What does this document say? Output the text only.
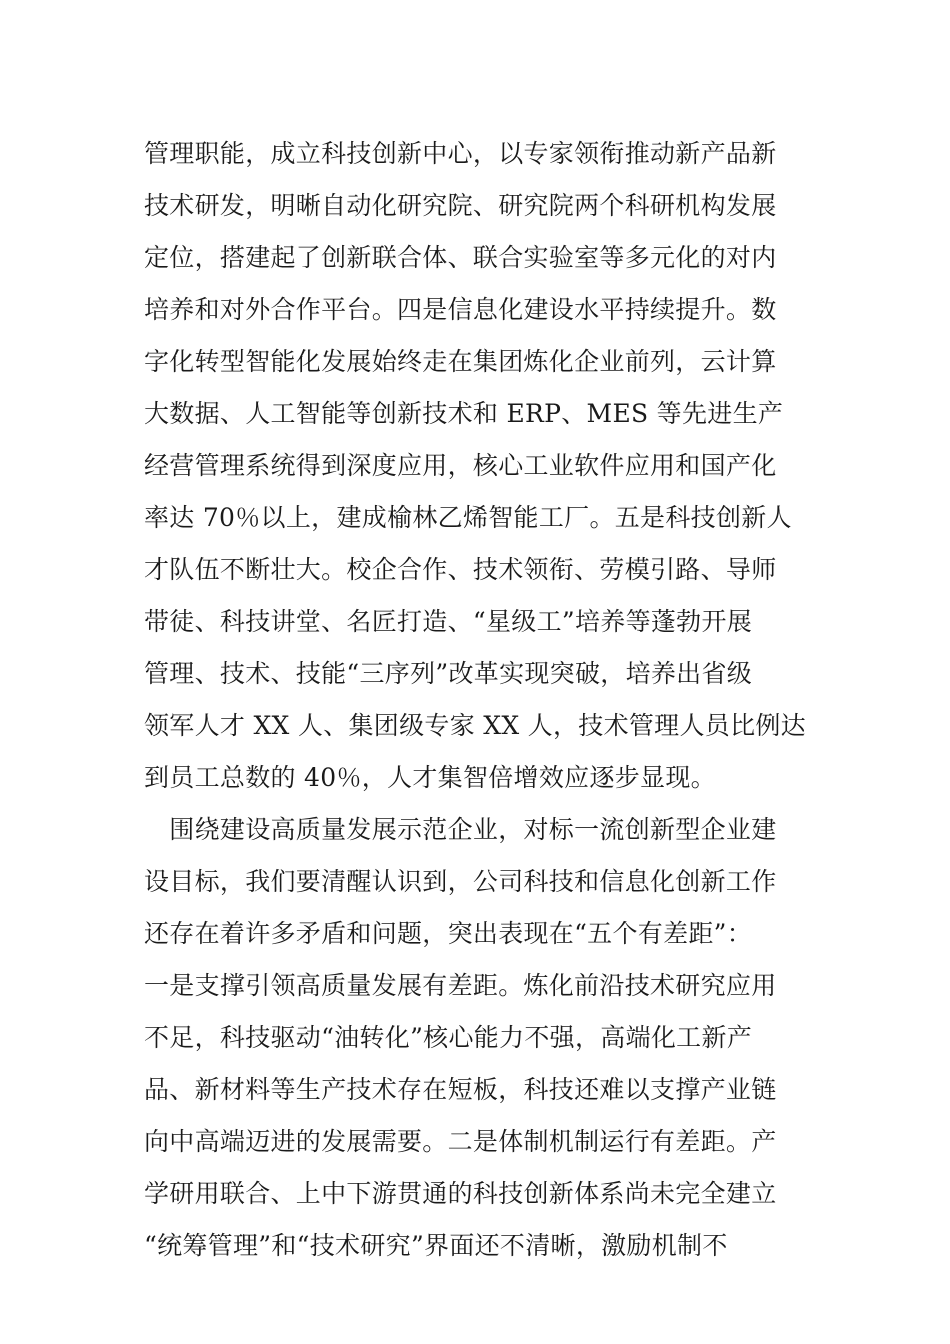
管理职能，成立科技创新中心，以专家领衔推动新产品新
技术研发，明晰自动化研究院、研究院两个科研机构发展
定位，搭建起了创新联合体、联合实验室等多元化的对内
培养和对外合作平台。四是信息化建设水平持续提升。数
字化转型智能化发展始终走在集团炼化企业前列，云计算
大数据、人工智能等创新技术和 ERP、MES 等先进生产
经营管理系统得到深度应用，核心工业软件应用和国产化
率达 70％以上，建成榆林乙烯智能工厂。五是科技创新人
才队伍不断壮大。校企合作、技术领衔、劳模引路、导师
带徒、科技讲堂、名匠打造、“星级工”培养等蓬勃开展
管理、技术、技能“三序列”改革实现突破，培养出省级
领军人才 XX 人、集团级专家 XX 人，技术管理人员比例达
到员工总数的 40％，人才集智倍增效应逐步显现。
　围绕建设高质量发展示范企业，对标一流创新型企业建
设目标，我们要清醒认识到，公司科技和信息化创新工作
还存在着许多矛盾和问题，突出表现在“五个有差距”：
一是支撑引领高质量发展有差距。炼化前沿技术研究应用
不足，科技驱动“油转化”核心能力不强，高端化工新产
品、新材料等生产技术存在短板，科技还难以支撑产业链
向中高端迈进的发展需要。二是体制机制运行有差距。产
学研用联合、上中下游贯通的科技创新体系尚未完全建立
“统筹管理”和“技术研究”界面还不清晰，激励机制不
